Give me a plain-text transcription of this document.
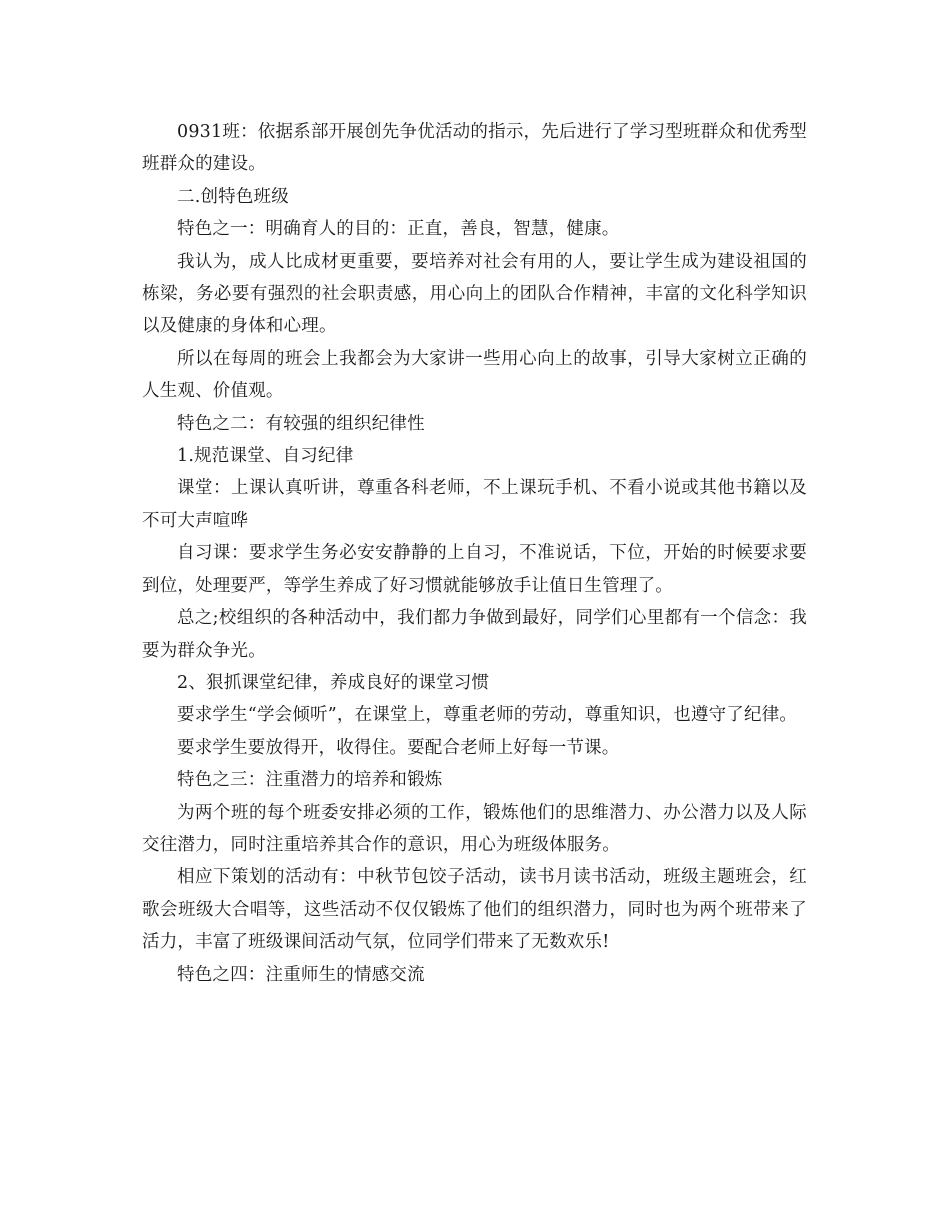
0931班：依据系部开展创先争优活动的指示，先后进行了学习型班群众和优秀型班群众的建设。

二.创特色班级

特色之一：明确育人的目的：正直，善良，智慧，健康。

我认为，成人比成材更重要，要培养对社会有用的人，要让学生成为建设祖国的栋梁，务必要有强烈的社会职责感，用心向上的团队合作精神，丰富的文化科学知识以及健康的身体和心理。

所以在每周的班会上我都会为大家讲一些用心向上的故事，引导大家树立正确的人生观、价值观。

特色之二：有较强的组织纪律性

1.规范课堂、自习纪律

课堂：上课认真听讲，尊重各科老师，不上课玩手机、不看小说或其他书籍以及不可大声喧哗

自习课：要求学生务必安安静静的上自习，不准说话，下位，开始的时候要求要到位，处理要严，等学生养成了好习惯就能够放手让值日生管理了。

总之;校组织的各种活动中，我们都力争做到最好，同学们心里都有一个信念：我要为群众争光。

2、狠抓课堂纪律，养成良好的课堂习惯

要求学生“学会倾听”，在课堂上，尊重老师的劳动，尊重知识，也遵守了纪律。

要求学生要放得开，收得住。要配合老师上好每一节课。

特色之三：注重潜力的培养和锻炼

为两个班的每个班委安排必须的工作，锻炼他们的思维潜力、办公潜力以及人际交往潜力，同时注重培养其合作的意识，用心为班级体服务。

相应下策划的活动有：中秋节包饺子活动，读书月读书活动，班级主题班会，红歌会班级大合唱等，这些活动不仅仅锻炼了他们的组织潜力，同时也为两个班带来了活力，丰富了班级课间活动气氛，位同学们带来了无数欢乐!

特色之四：注重师生的情感交流
